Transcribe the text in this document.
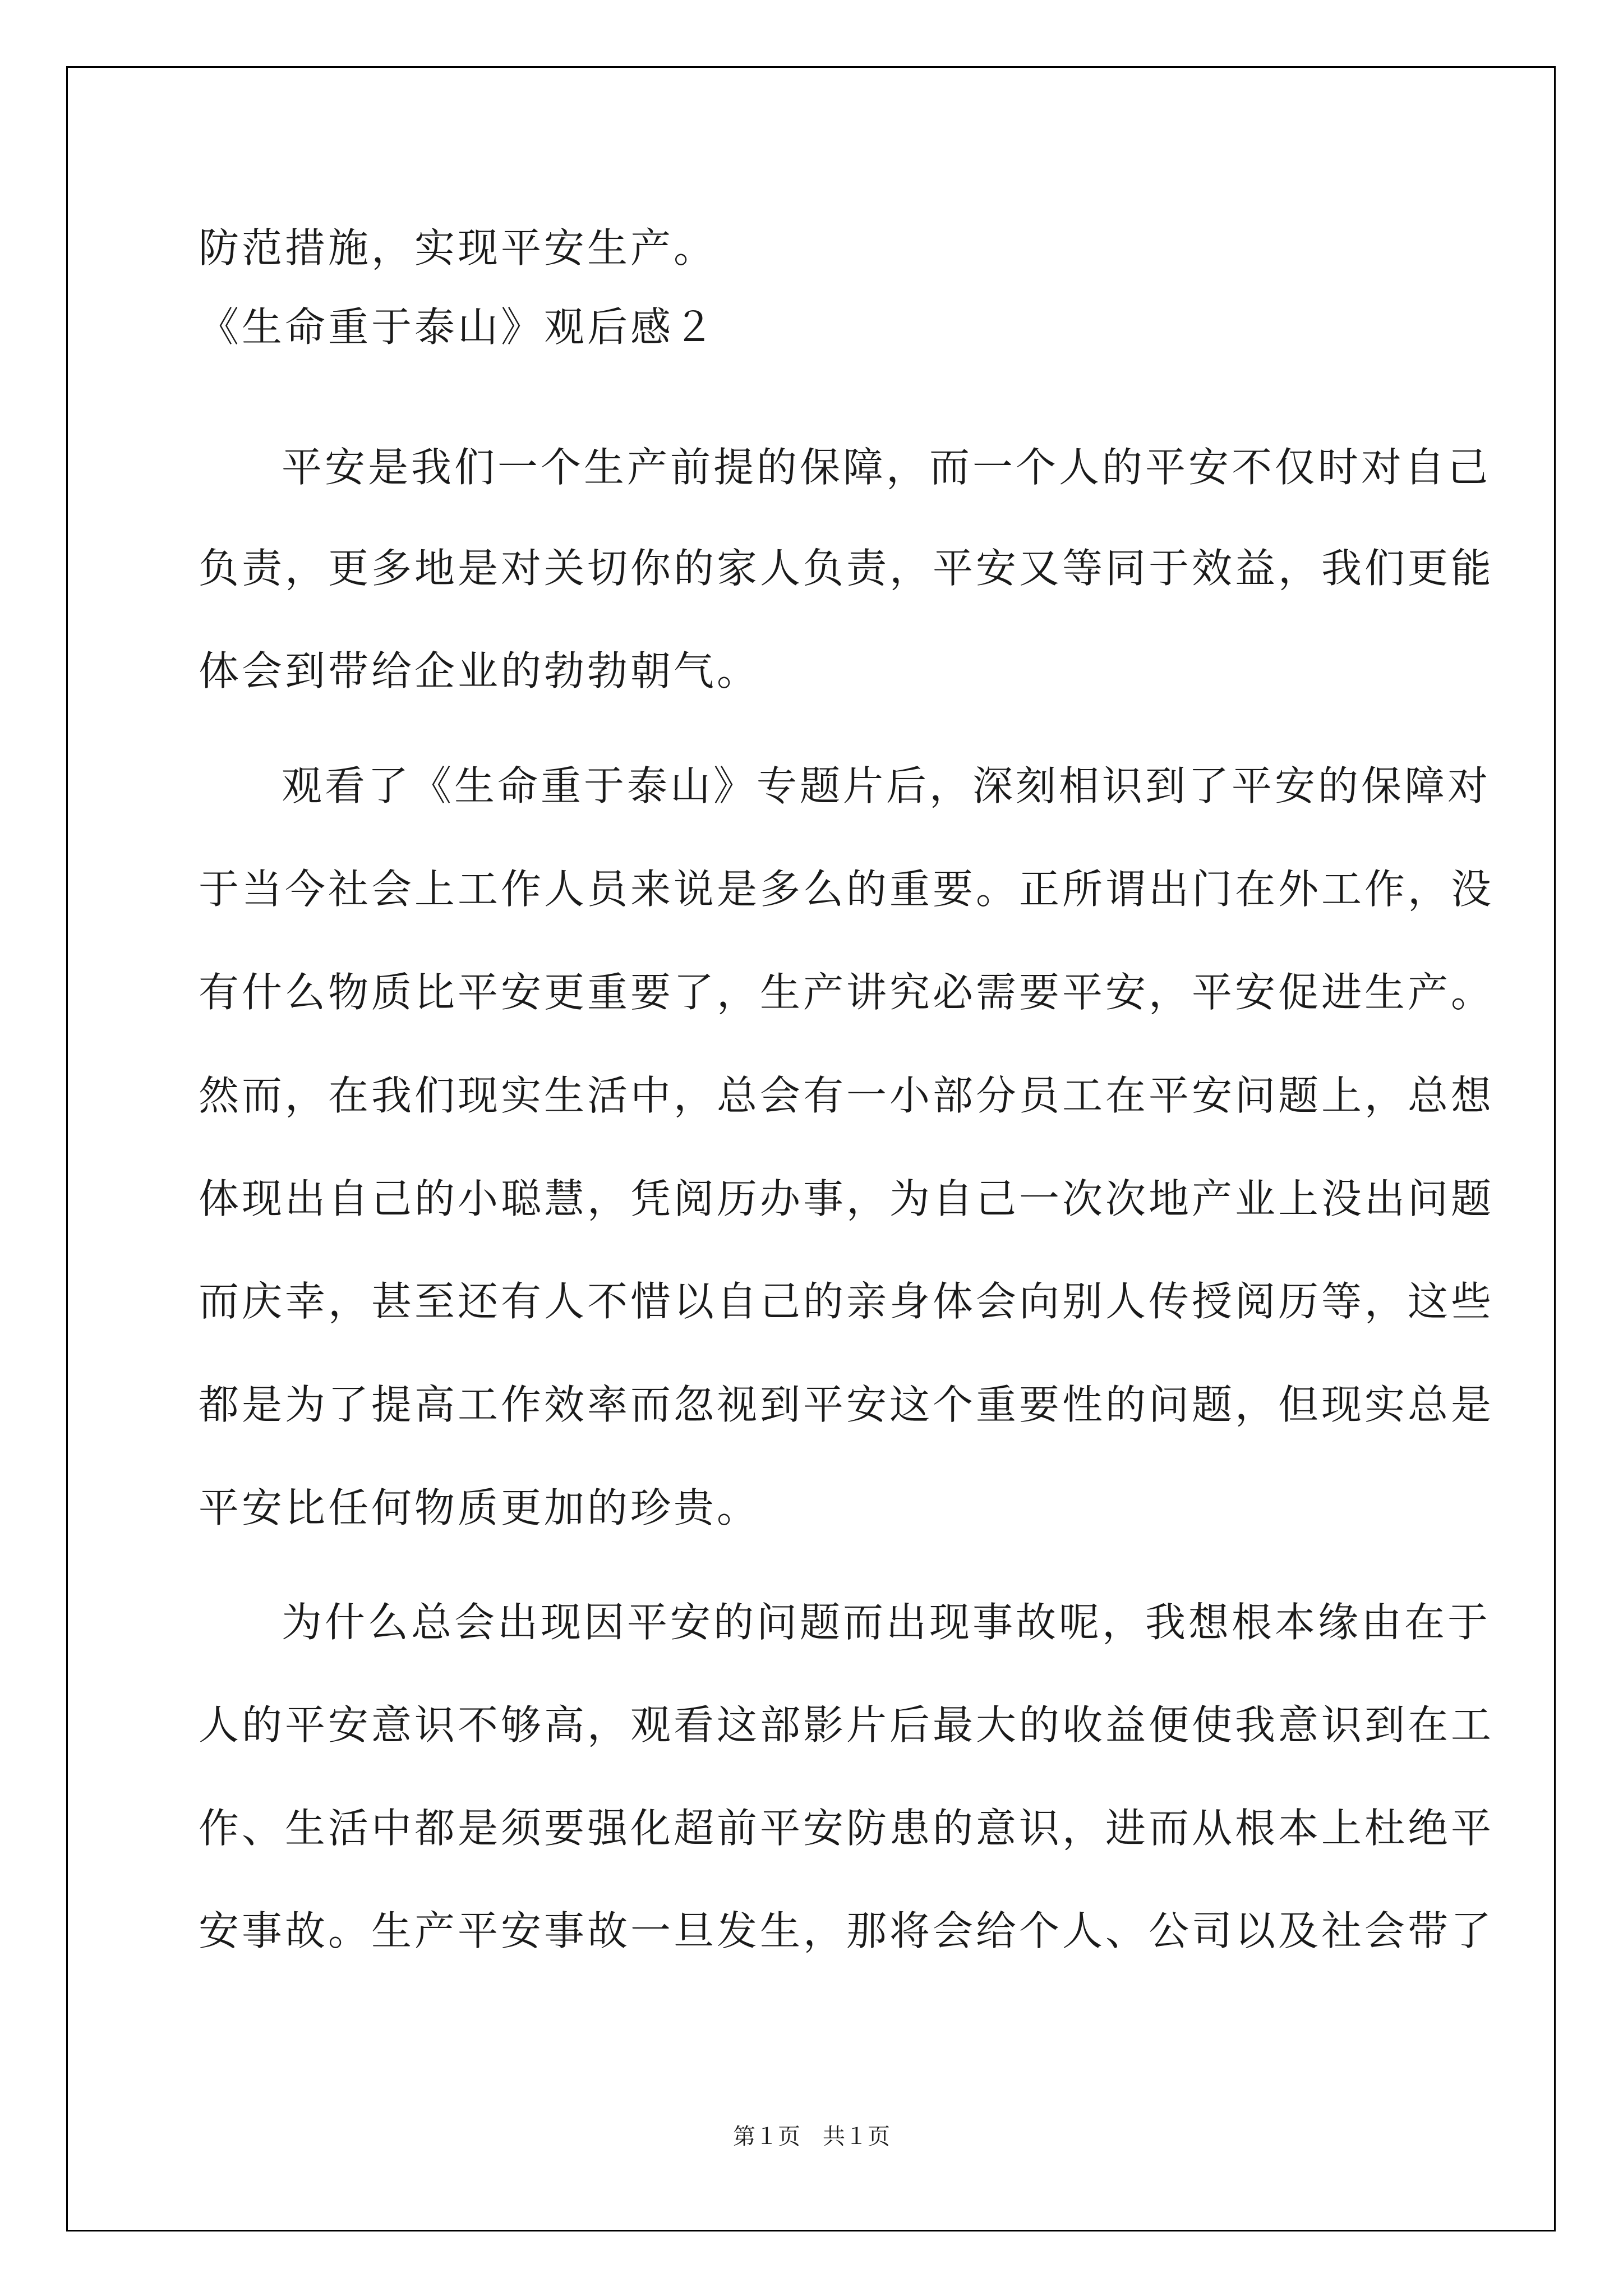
防范措施，实现平安生产。
《生命重于泰山》观后感２
平安是我们一个生产前提的保障，而一个人的平安不仅时对自己
负责，更多地是对关切你的家人负责，平安又等同于效益，我们更能
体会到带给企业的勃勃朝气。
观看了《生命重于泰山》专题片后，深刻相识到了平安的保障对
于当今社会上工作人员来说是多么的重要。正所谓出门在外工作，没
有什么物质比平安更重要了，生产讲究必需要平安，平安促进生产。
然而，在我们现实生活中，总会有一小部分员工在平安问题上，总想
体现出自己的小聪慧，凭阅历办事，为自己一次次地产业上没出问题
而庆幸，甚至还有人不惜以自己的亲身体会向别人传授阅历等，这些
都是为了提高工作效率而忽视到平安这个重要性的问题，但现实总是
平安比任何物质更加的珍贵。
为什么总会出现因平安的问题而出现事故呢，我想根本缘由在于
人的平安意识不够高，观看这部影片后最大的收益便使我意识到在工
作、生活中都是须要强化超前平安防患的意识，进而从根本上杜绝平
安事故。生产平安事故一旦发生，那将会给个人、公司以及社会带了
第１页　共１页
